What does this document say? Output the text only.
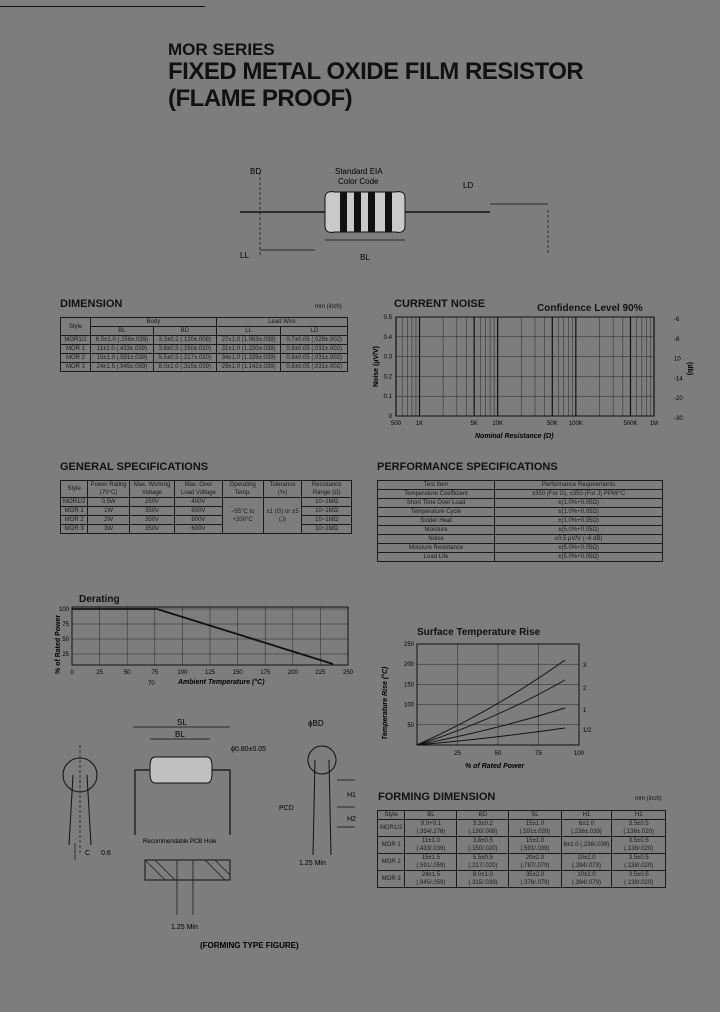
MOR SERIES
FIXED METAL OXIDE FILM RESISTOR
(FLAME PROOF)
BD	Standard EIA
Color Code	LD
LL	BL
DIMENSION	mm (inch)
Style	Body		Lead Wire	
	BL	BD	LL	LD
MOR1/2	6.5±1.0 (.256±.039)	3.3±0.2 (.130±.008)	27±1.0 (1.063±.039)	0.7±0.05 (.028±.002)
MOR 1	11±1.0 (.433±.039)	3.8±0.5 (.150±.020)	31±1.0 (1.220±.039)	0.8±0.05 (.031±.002)
MOR 2	15±1.0 (.591±.039)	5.5±0.5 (.217±.020)	34±1.0 (1.339±.039)	0.8±0.05 (.031±.002)
MOR 3	24±1.5 (.945±.059)	8.0±1.0 (.315±.039)	29±1.0 (1.142±.039)	0.8±0.05 (.031±.002)
CURRENT NOISE	Confidence Level 90%
0.5
0.4
0.3
0.2
0.1
0
500 1K	5K 10K	50K 100K	500K 1M
-6
-8
10
-14
-20
-30
Noise (µV/V)	(db)
Nominal Resistance (Ω)
GENERAL SPECIFICATIONS
Style	Power Rating (70°C)	Max. Working Voltage	Max. Over Load Voltage	Operating Temp.	Tolerance (%)	Resistance Range (Ω)
MOR1/2	0.5W	250V	400V	−55°C to +200°C	±1 (G) or ±5 (J)	10~1MΩ
MOR 1	1W	350V	600V			10~1MΩ
MOR 2	2W	350V	600V			10~1MΩ
MOR 3	3W	350V	600V			10~1MΩ
PERFORMANCE SPECIFICATIONS
Test Item	Performance Requirements
Temperature Coefficient	±350 (For G), ±350 (For J) PPM/°C
Short Time Over Load	±(1.0%+0.05Ω)
Temperature Cycle	±(1.0%+0.05Ω)
Solder Heat	±(1.0%+0.05Ω)
Moisture	±(5.0%+0.05Ω)
Noise	≤0.5 μV/V (−6 dB)
Moisture Resistance	±(5.0%+0.05Ω)
Load Life	±(5.0%+0.05Ω)
Derating
100
75
50
25
0	25	50	75	100	125	150	175	200	225	250
% of Rated Power
Ambient Temperature (°C)
70
Surface Temperature Rise
250
200
150
100
50
25	50	75	100
3
2
1
1/2
Temperature Rise (°C)
% of Rated Power
C 0.6
SL
BL
ϕ0.80±0.05
Recommendable PCB Hole
1.25 Min
ϕBD
H1
H2
PCD
1.25 Min
(FORMING TYPE FIGURE)
FORMING DIMENSION	mm (inch)
Style	BL	BD	SL	H1	H2
MOR1/2	9.0+0.1 (.354/.276)	3.3±0.2 (.130/.008)	15±1.0 (.591±.039)	6±1.0 (.236±.039)	3.5±0.5 (.138±.020)
MOR 1	11±1.0 (.433/.039)	3.8±0.5 (.150/.020)	15±1.0 (.591/.039)	6±1.0 (.236/.039)	3.5±0.5 (.138/.020)
MOR 2	15±1.5 (.591/.059)	5.5±0.5 (.217/.020)	20±2.0 (.787/.079)	10±2.0 (.394/.079)	3.5±0.5 (.138/.020)
MOR 3	24±1.5 (.945/.059)	8.0±1.0 (.315/.039)	35±2.0 (.378/.079)	10±2.0 (.394/.079)	3.5±0.5 (.138/.020)
